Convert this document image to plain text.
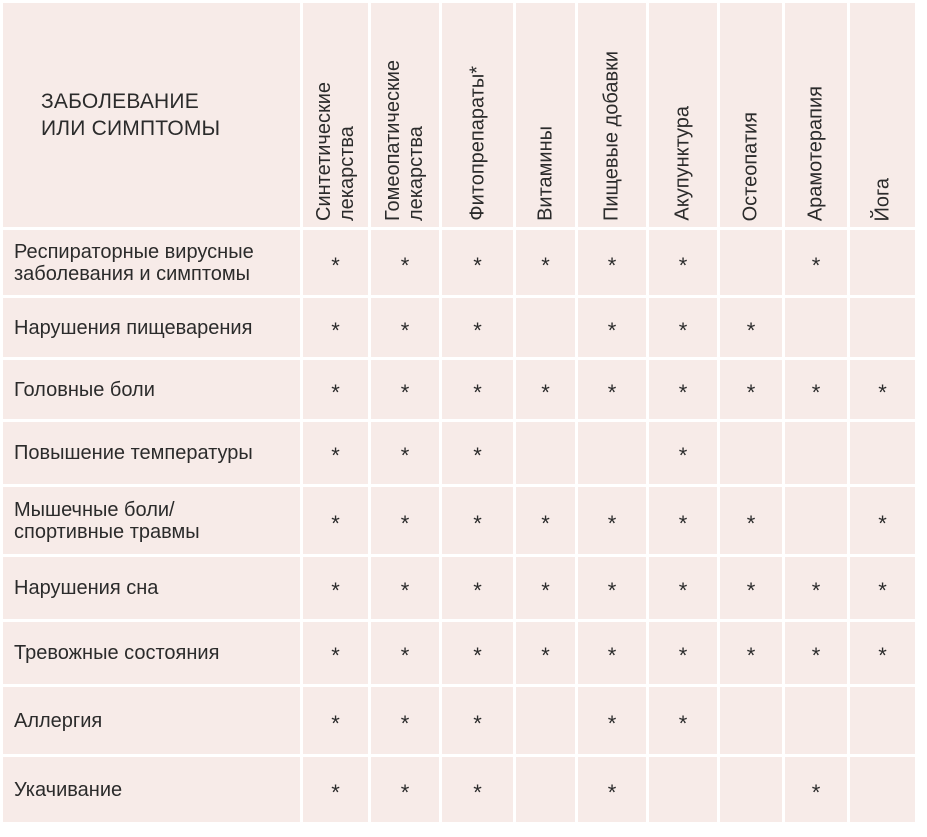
ЗАБОЛЕВАНИЕ
ИЛИ СИМПТОМЫ	Синтетические лекарства	Гомеопатические лекарства	Фитопрепараты*	Витамины	Пищевые добавки	Акупунктура	Остеопатия	Арамотерапия	Йога

Респираторные вирусные
заболевания и симптомы	*	*	*	*	*	*		*	

Нарушения пищеварения	*	*	*		*	*	*		

Головные боли	*	*	*	*	*	*	*	*	*

Повышение температуры	*	*	*			*			

Мышечные боли/
спортивные травмы	*	*	*	*	*	*	*		*

Нарушения сна	*	*	*	*	*	*	*	*	*

Тревожные состояния	*	*	*	*	*	*	*	*	*

Аллергия	*	*	*		*	*			

Укачивание	*	*	*		*			*	
